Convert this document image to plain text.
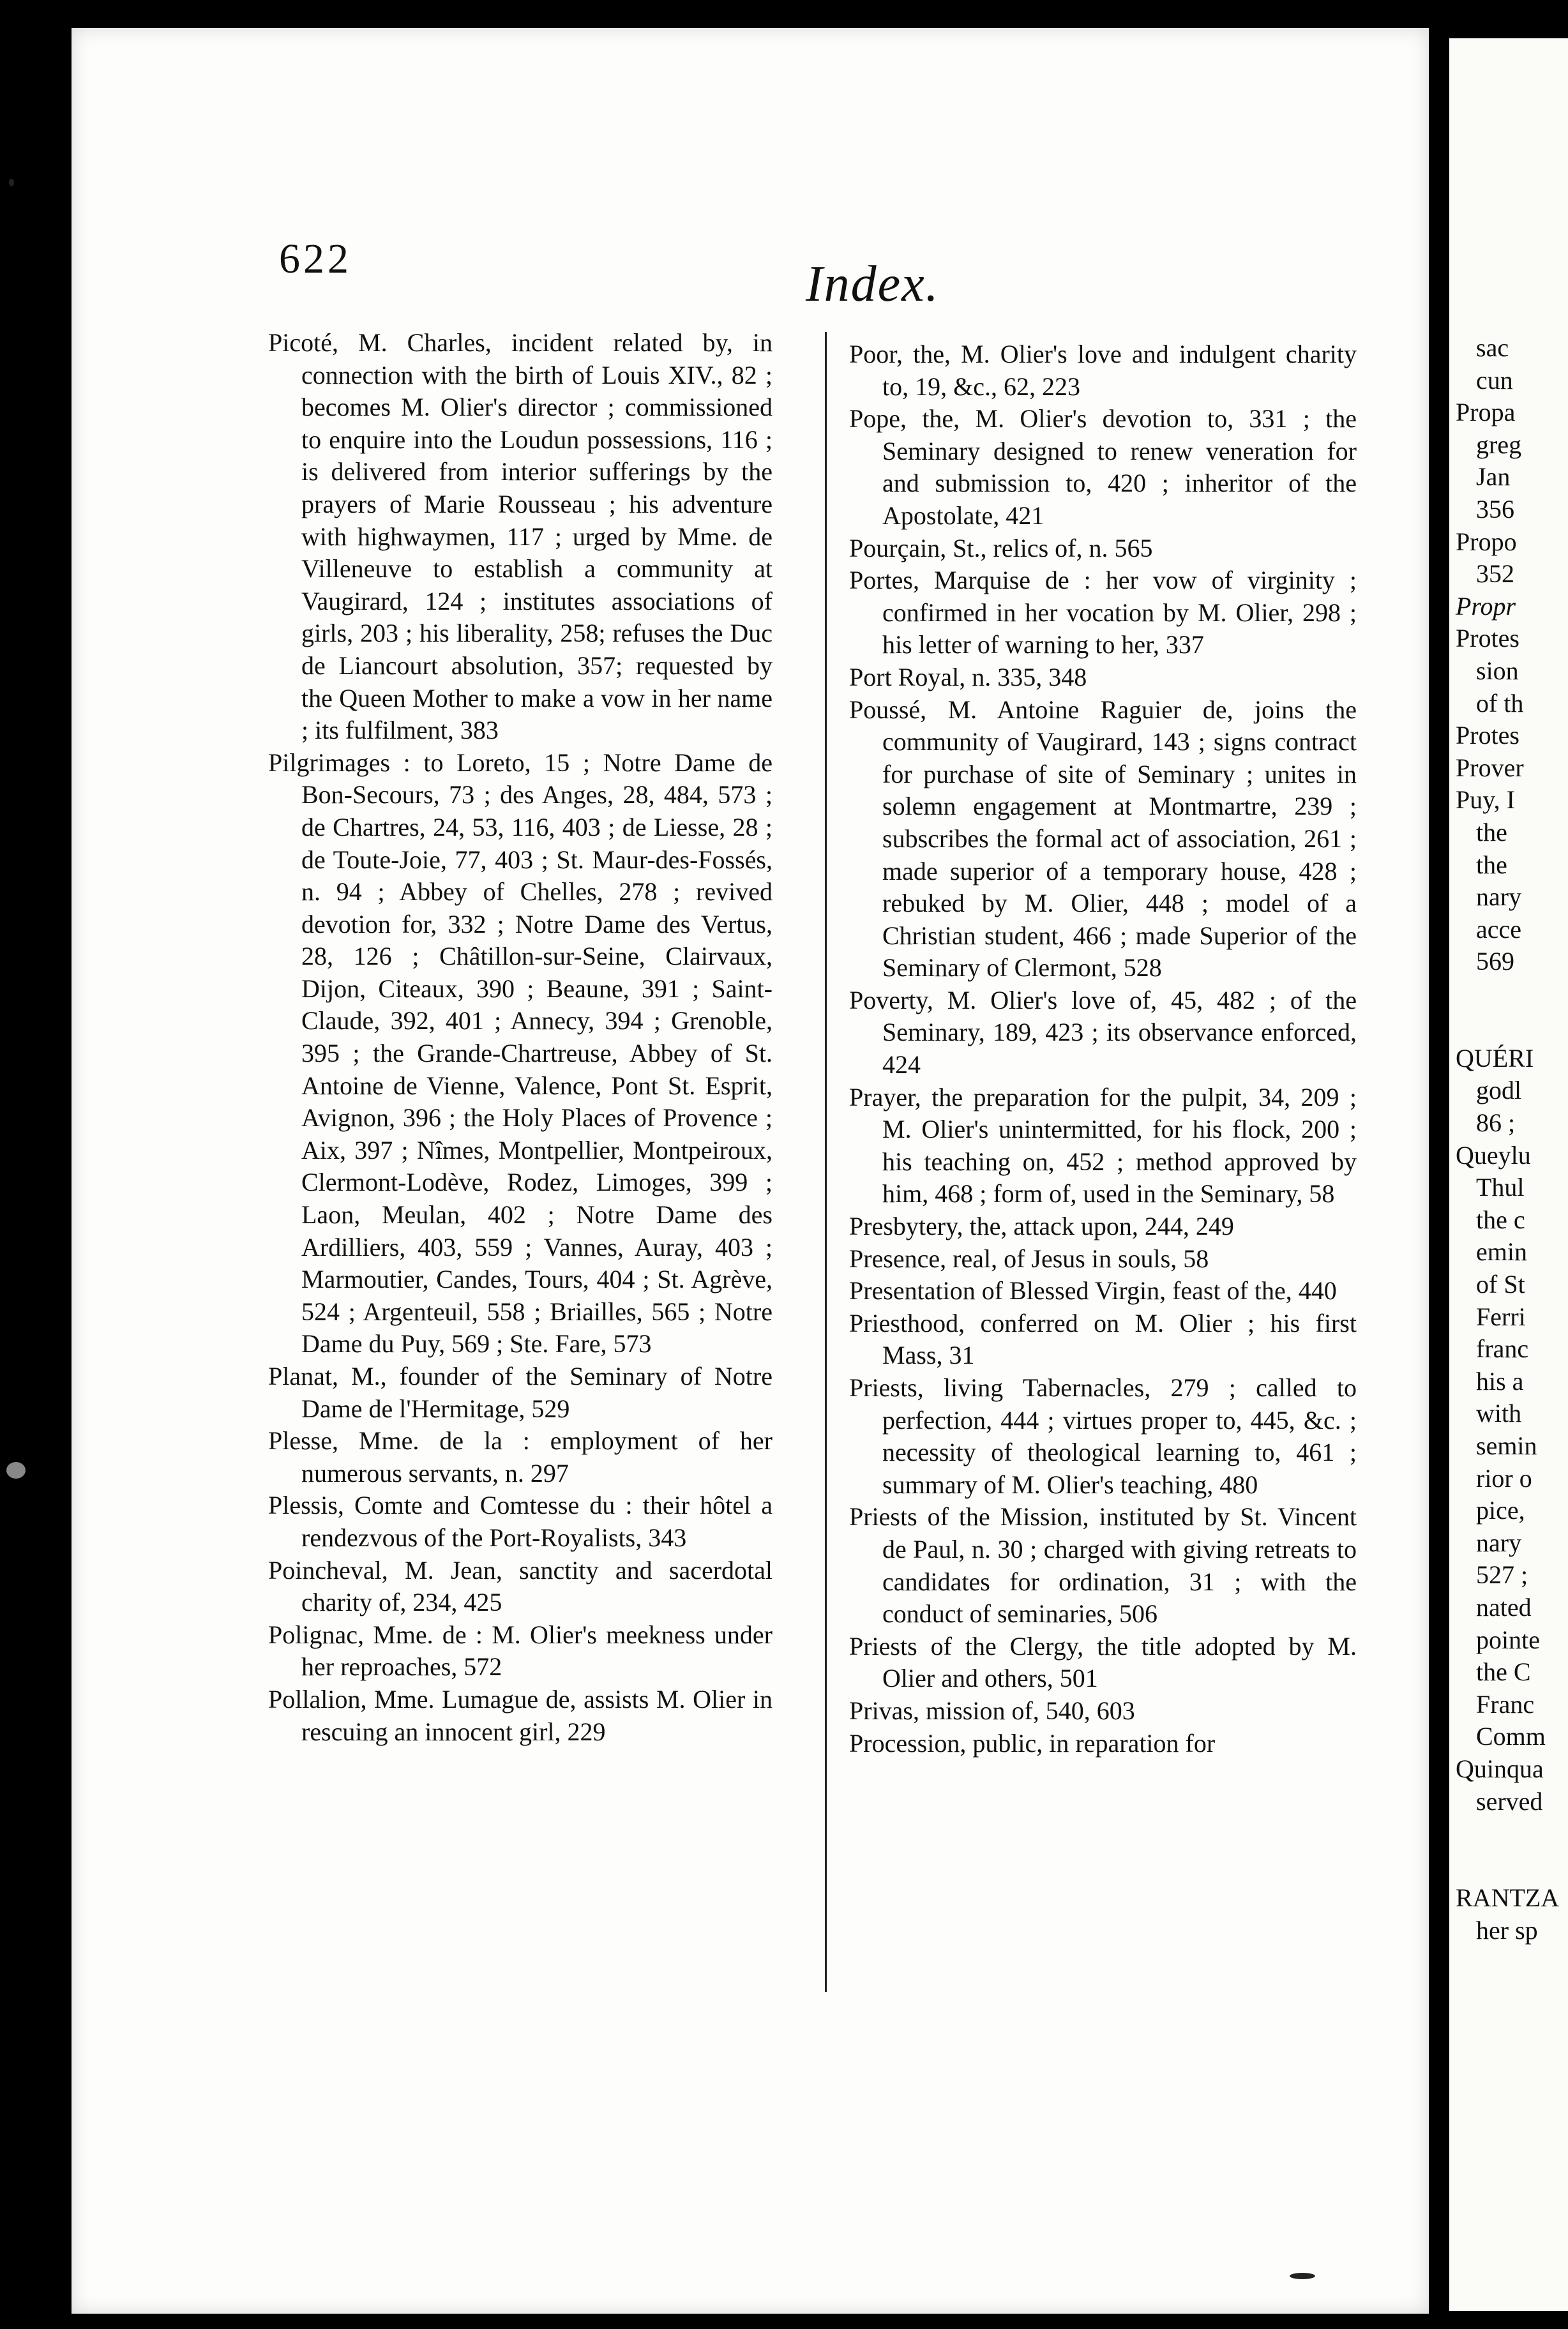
622	Index.

Picoté, M. Charles, incident related by, in connection with the birth of Louis XIV., 82 ; becomes M. Olier's director ; commissioned to enquire into the Loudun possessions, 116 ; is delivered from interior sufferings by the prayers of Marie Rousseau ; his adventure with highwaymen, 117 ; urged by Mme. de Villeneuve to establish a community at Vaugirard, 124 ; institutes associations of girls, 203 ; his liberality, 258; refuses the Duc de Liancourt absolution, 357; requested by the Queen Mother to make a vow in her name ; its fulfilment, 383

Pilgrimages : to Loreto, 15 ; Notre Dame de Bon-Secours, 73 ; des Anges, 28, 484, 573 ; de Chartres, 24, 53, 116, 403 ; de Liesse, 28 ; de Toute-Joie, 77, 403 ; St. Maur-des-Fossés, n. 94 ; Abbey of Chelles, 278 ; revived devotion for, 332 ; Notre Dame des Vertus, 28, 126 ; Châtillon-sur-Seine, Clairvaux, Dijon, Citeaux, 390 ; Beaune, 391 ; Saint-Claude, 392, 401 ; Annecy, 394 ; Grenoble, 395 ; the Grande-Chartreuse, Abbey of St. Antoine de Vienne, Valence, Pont St. Esprit, Avignon, 396 ; the Holy Places of Provence ; Aix, 397 ; Nîmes, Montpellier, Montpeiroux, Clermont-Lodève, Rodez, Limoges, 399 ; Laon, Meulan, 402 ; Notre Dame des Ardilliers, 403, 559 ; Vannes, Auray, 403 ; Marmoutier, Candes, Tours, 404 ; St. Agrève, 524 ; Argenteuil, 558 ; Briailles, 565 ; Notre Dame du Puy, 569 ; Ste. Fare, 573

Planat, M., founder of the Seminary of Notre Dame de l'Hermitage, 529

Plesse, Mme. de la : employment of her numerous servants, n. 297

Plessis, Comte and Comtesse du : their hôtel a rendezvous of the Port-Royalists, 343

Poincheval, M. Jean, sanctity and sacerdotal charity of, 234, 425

Polignac, Mme. de : M. Olier's meekness under her reproaches, 572

Pollalion, Mme. Lumague de, assists M. Olier in rescuing an innocent girl, 229

Poor, the, M. Olier's love and indulgent charity to, 19, &c., 62, 223

Pope, the, M. Olier's devotion to, 331 ; the Seminary designed to renew veneration for and submission to, 420 ; inheritor of the Apostolate, 421

Pourçain, St., relics of, n. 565

Portes, Marquise de : her vow of virginity ; confirmed in her vocation by M. Olier, 298 ; his letter of warning to her, 337

Port Royal, n. 335, 348

Poussé, M. Antoine Raguier de, joins the community of Vaugirard, 143 ; signs contract for purchase of site of Seminary ; unites in solemn engagement at Montmartre, 239 ; subscribes the formal act of association, 261 ; made superior of a temporary house, 428 ; rebuked by M. Olier, 448 ; model of a Christian student, 466 ; made Superior of the Seminary of Clermont, 528

Poverty, M. Olier's love of, 45, 482 ; of the Seminary, 189, 423 ; its observance enforced, 424

Prayer, the preparation for the pulpit, 34, 209 ; M. Olier's unintermitted, for his flock, 200 ; his teaching on, 452 ; method approved by him, 468 ; form of, used in the Seminary, 58

Presbytery, the, attack upon, 244, 249

Presence, real, of Jesus in souls, 58

Presentation of Blessed Virgin, feast of the, 440

Priesthood, conferred on M. Olier ; his first Mass, 31

Priests, living Tabernacles, 279 ; called to perfection, 444 ; virtues proper to, 445, &c. ; necessity of theological learning to, 461 ; summary of M. Olier's teaching, 480

Priests of the Mission, instituted by St. Vincent de Paul, n. 30 ; charged with giving retreats to candidates for ordination, 31 ; with the conduct of seminaries, 506

Priests of the Clergy, the title adopted by M. Olier and others, 501

Privas, mission of, 540, 603

Procession, public, in reparation for

sac
cun
Propa
greg
Jan
356
Propo
352
Propr
Protes
sion
of th
Protes
Prover
Puy, I
the
the
nary
acce
569
QUÉRI
godl
86 ;
Queylu
Thul
the c
emin
of St
Ferri
franc
his a
with
semin
rior o
pice,
nary
527 ;
nated
pointe
the C
Franc
Comm
Quinqua
served
RANTZA
her sp
